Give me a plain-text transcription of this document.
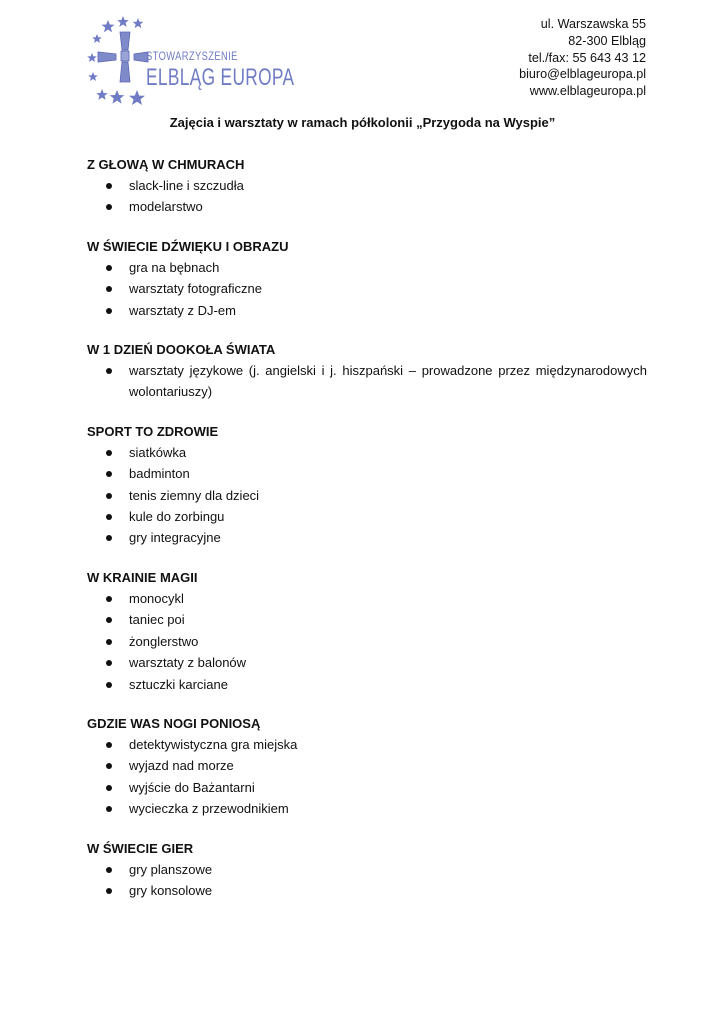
STOWARZYSZENIE
ELBLĄG EUROPA
ul. Warszawska 55
82-300 Elbląg
tel./fax: 55 643 43 12
biuro@elblageuropa.pl
www.elblageuropa.pl
Zajęcia i warsztaty w ramach półkolonii „Przygoda na Wyspie”
Z GŁOWĄ W CHMURACH
slack-line i szczudła
modelarstwo
W ŚWIECIE DŹWIĘKU I OBRAZU
gra na bębnach
warsztaty fotograficzne
warsztaty z DJ-em
W 1 DZIEŃ DOOKOŁA ŚWIATA
warsztaty językowe (j. angielski i j. hiszpański – prowadzone przez międzynarodowych wolontariuszy)
SPORT TO ZDROWIE
siatkówka
badminton
tenis ziemny dla dzieci
kule do zorbingu
gry integracyjne
W KRAINIE MAGII
monocykl
taniec poi
żonglerstwo
warsztaty z balonów
sztuczki karciane
GDZIE WAS NOGI PONIOSĄ
detektywistyczna gra miejska
wyjazd nad morze
wyjście do Bażantarni
wycieczka z przewodnikiem
W ŚWIECIE GIER
gry planszowe
gry konsolowe
